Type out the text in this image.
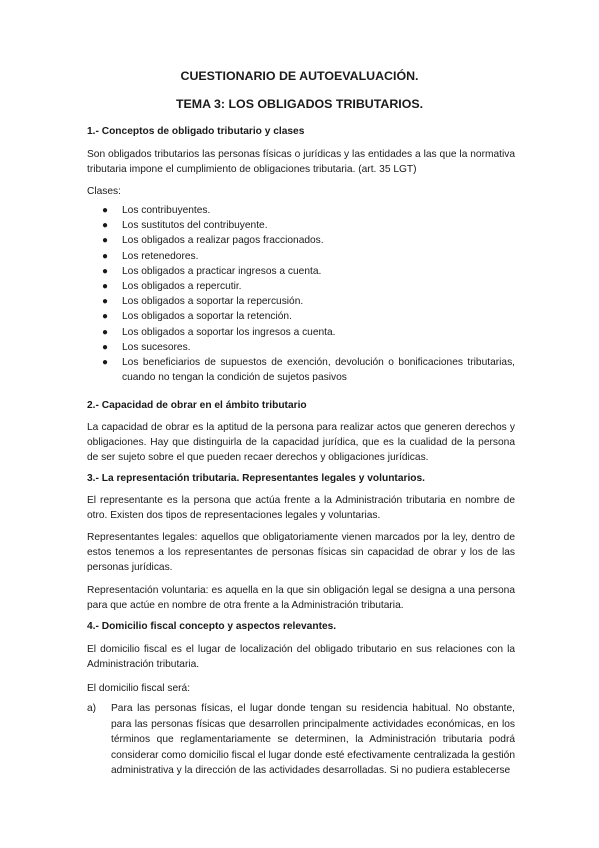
CUESTIONARIO DE AUTOEVALUACIÓN.
TEMA 3: LOS OBLIGADOS TRIBUTARIOS.
1.- Conceptos de obligado tributario y clases
Son obligados tributarios las personas físicas o jurídicas y las entidades a las que la normativa tributaria impone el cumplimiento de obligaciones tributaria. (art. 35 LGT)
Clases:
● Los contribuyentes.
● Los sustitutos del contribuyente.
● Los obligados a realizar pagos fraccionados.
● Los retenedores.
● Los obligados a practicar ingresos a cuenta.
● Los obligados a repercutir.
● Los obligados a soportar la repercusión.
● Los obligados a soportar la retención.
● Los obligados a soportar los ingresos a cuenta.
● Los sucesores.
● Los beneficiarios de supuestos de exención, devolución o bonificaciones tributarias, cuando no tengan la condición de sujetos pasivos
2.- Capacidad de obrar en el ámbito tributario
La capacidad de obrar es la aptitud de la persona para realizar actos que generen derechos y obligaciones. Hay que distinguirla de la capacidad jurídica, que es la cualidad de la persona de ser sujeto sobre el que pueden recaer derechos y obligaciones jurídicas.
3.- La representación tributaria. Representantes legales y voluntarios.
El representante es la persona que actúa frente a la Administración tributaria en nombre de otro. Existen dos tipos de representaciones legales y voluntarias.
Representantes legales: aquellos que obligatoriamente vienen marcados por la ley, dentro de estos tenemos a los representantes de personas físicas sin capacidad de obrar y los de las personas jurídicas.
Representación voluntaria: es aquella en la que sin obligación legal se designa a una persona para que actúe en nombre de otra frente a la Administración tributaria.
4.- Domicilio fiscal concepto y aspectos relevantes.
El domicilio fiscal es el lugar de localización del obligado tributario en sus relaciones con la Administración tributaria.
El domicilio fiscal será:
a)	Para las personas físicas, el lugar donde tengan su residencia habitual. No obstante, para las personas físicas que desarrollen principalmente actividades económicas, en los términos que reglamentariamente se determinen, la Administración tributaria podrá considerar como domicilio fiscal el lugar donde esté efectivamente centralizada la gestión administrativa y la dirección de las actividades desarrolladas. Si no pudiera establecerse
